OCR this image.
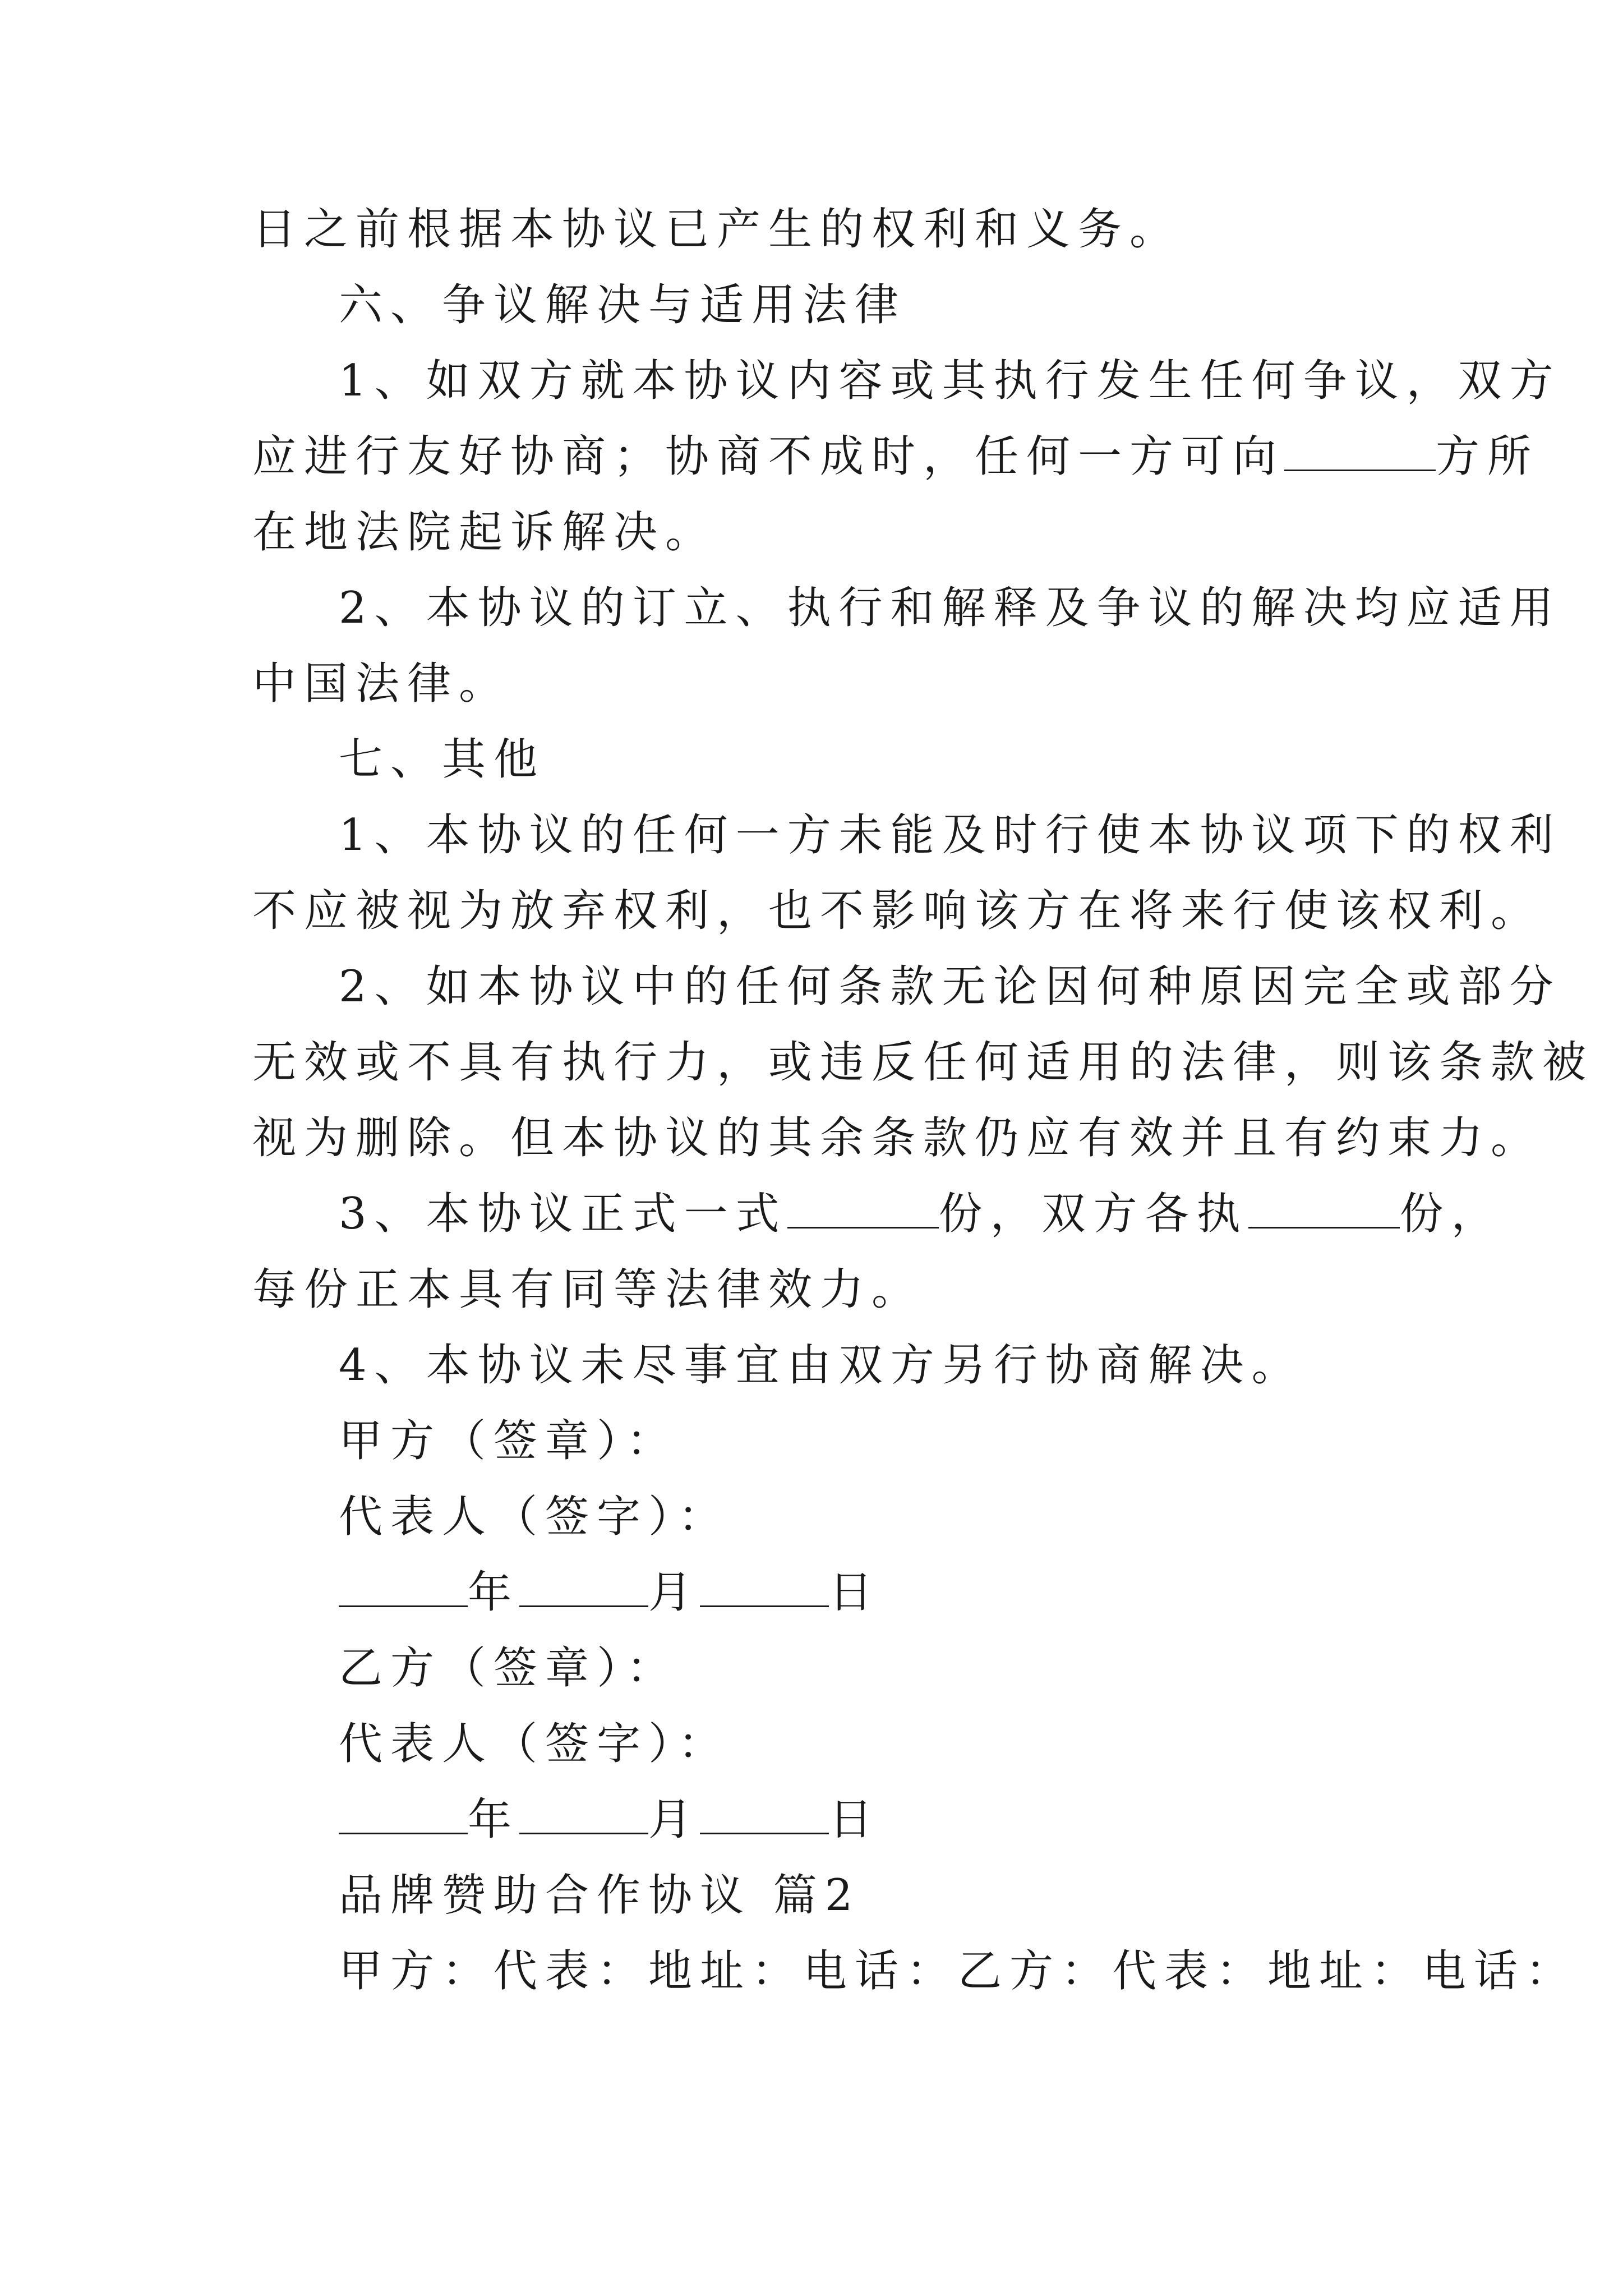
日之前根据本协议已产生的权利和义务。
六、争议解决与适用法律
1、如双方就本协议内容或其执行发生任何争议，双方
应进行友好协商；协商不成时，任何一方可向	方所
在地法院起诉解决。
2、本协议的订立、执行和解释及争议的解决均应适用
中国法律。
七、其他
1、本协议的任何一方未能及时行使本协议项下的权利
不应被视为放弃权利，也不影响该方在将来行使该权利。
2、如本协议中的任何条款无论因何种原因完全或部分
无效或不具有执行力，或违反任何适用的法律，则该条款被
视为删除。但本协议的其余条款仍应有效并且有约束力。
3、本协议正式一式	份，双方各执	份，
每份正本具有同等法律效力。
4、本协议未尽事宜由双方另行协商解决。
甲方（签章）：
代表人（签字）：
年	月	日
乙方（签章）：
代表人（签字）：
年	月	日
品牌赞助合作协议 篇2
甲方：代表：地址：电话：乙方：代表：地址：电话：
